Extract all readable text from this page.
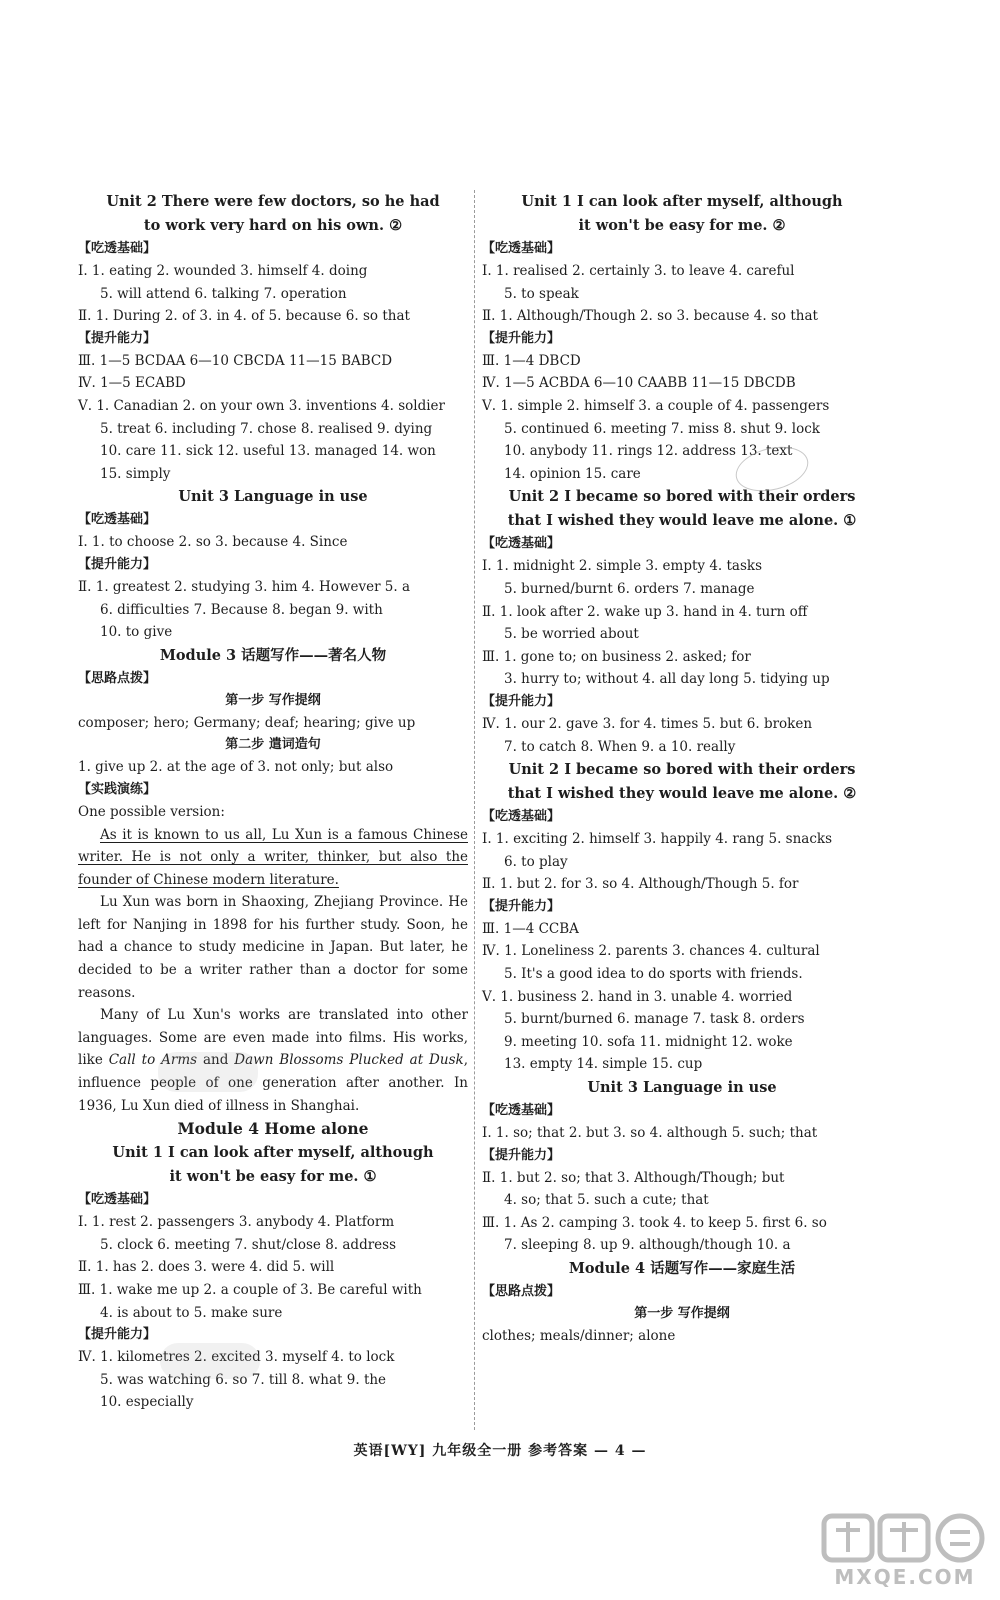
Unit 2 There were few doctors, so he had
to work very hard on his own. ②
【吃透基础】
Ⅰ. 1. eating 2. wounded 3. himself 4. doing
5. will attend 6. talking 7. operation
Ⅱ. 1. During 2. of 3. in 4. of 5. because 6. so that
【提升能力】
Ⅲ. 1—5 BCDAA 6—10 CBCDA 11—15 BABCD
Ⅳ. 1—5 ECABD
Ⅴ. 1. Canadian 2. on your own 3. inventions 4. soldier
5. treat 6. including 7. chose 8. realised 9. dying
10. care 11. sick 12. useful 13. managed 14. won
15. simply
Unit 3 Language in use
【吃透基础】
Ⅰ. 1. to choose 2. so 3. because 4. Since
【提升能力】
Ⅱ. 1. greatest 2. studying 3. him 4. However 5. a
6. difficulties 7. Because 8. began 9. with
10. to give
Module 3 话题写作——著名人物
【思路点拨】
第一步 写作提纲
composer; hero; Germany; deaf; hearing; give up
第二步 遣词造句
1. give up 2. at the age of 3. not only; but also
【实践演练】
One possible version:
As it is known to us all, Lu Xun is a famous Chinese writer. He is not only a writer, thinker, but also the founder of Chinese modern literature.
Lu Xun was born in Shaoxing, Zhejiang Province. He left for Nanjing in 1898 for his further study. Soon, he had a chance to study medicine in Japan. But later, he decided to be a writer rather than a doctor for some reasons.
Many of Lu Xun's works are translated into other languages. Some are even made into films. His works, like Call to Arms and Dawn Blossoms Plucked at Dusk, influence people of one generation after another. In 1936, Lu Xun died of illness in Shanghai.
Module 4 Home alone
Unit 1 I can look after myself, although
it won't be easy for me. ①
【吃透基础】
Ⅰ. 1. rest 2. passengers 3. anybody 4. Platform
5. clock 6. meeting 7. shut/close 8. address
Ⅱ. 1. has 2. does 3. were 4. did 5. will
Ⅲ. 1. wake me up 2. a couple of 3. Be careful with
4. is about to 5. make sure
【提升能力】
Ⅳ. 1. kilometres 2. excited 3. myself 4. to lock
5. was watching 6. so 7. till 8. what 9. the
10. especially
Unit 1 I can look after myself, although
it won't be easy for me. ②
【吃透基础】
Ⅰ. 1. realised 2. certainly 3. to leave 4. careful
5. to speak
Ⅱ. 1. Although/Though 2. so 3. because 4. so that
【提升能力】
Ⅲ. 1—4 DBCD
Ⅳ. 1—5 ACBDA 6—10 CAABB 11—15 DBCDB
Ⅴ. 1. simple 2. himself 3. a couple of 4. passengers
5. continued 6. meeting 7. miss 8. shut 9. lock
10. anybody 11. rings 12. address 13. text
14. opinion 15. care
Unit 2 I became so bored with their orders
that I wished they would leave me alone. ①
【吃透基础】
Ⅰ. 1. midnight 2. simple 3. empty 4. tasks
5. burned/burnt 6. orders 7. manage
Ⅱ. 1. look after 2. wake up 3. hand in 4. turn off
5. be worried about
Ⅲ. 1. gone to; on business 2. asked; for
3. hurry to; without 4. all day long 5. tidying up
【提升能力】
Ⅳ. 1. our 2. gave 3. for 4. times 5. but 6. broken
7. to catch 8. When 9. a 10. really
Unit 2 I became so bored with their orders
that I wished they would leave me alone. ②
【吃透基础】
Ⅰ. 1. exciting 2. himself 3. happily 4. rang 5. snacks
6. to play
Ⅱ. 1. but 2. for 3. so 4. Although/Though 5. for
【提升能力】
Ⅲ. 1—4 CCBA
Ⅳ. 1. Loneliness 2. parents 3. chances 4. cultural
5. It's a good idea to do sports with friends.
Ⅴ. 1. business 2. hand in 3. unable 4. worried
5. burnt/burned 6. manage 7. task 8. orders
9. meeting 10. sofa 11. midnight 12. woke
13. empty 14. simple 15. cup
Unit 3 Language in use
【吃透基础】
Ⅰ. 1. so; that 2. but 3. so 4. although 5. such; that
【提升能力】
Ⅱ. 1. but 2. so; that 3. Although/Though; but
4. so; that 5. such a cute; that
Ⅲ. 1. As 2. camping 3. took 4. to keep 5. first 6. so
7. sleeping 8. up 9. although/though 10. a
Module 4 话题写作——家庭生活
【思路点拨】
第一步 写作提纲
clothes; meals/dinner; alone
英语[WY] 九年级全一册 参考答案 — 4 —
MXQE.COM
